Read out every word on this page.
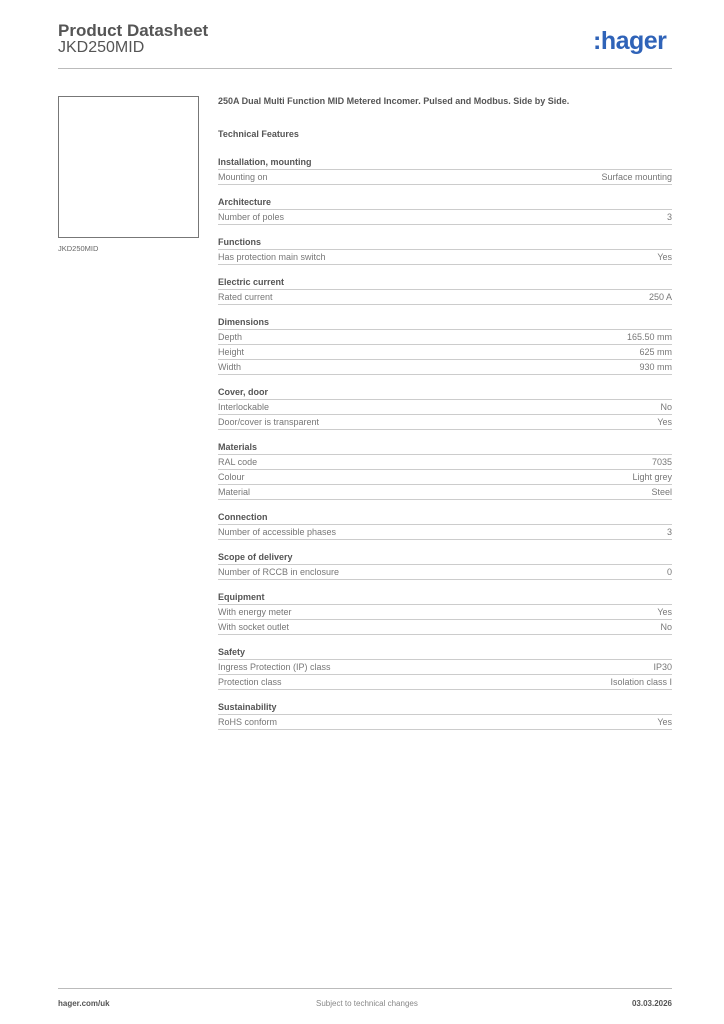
Product Datasheet
JKD250MID	:hager
JKD250MID
250A Dual Multi Function MID Metered Incomer. Pulsed and Modbus. Side by Side.
Technical Features
Installation, mounting
Mounting on	Surface mounting
Architecture
Number of poles	3
Functions
Has protection main switch	Yes
Electric current
Rated current	250 A
Dimensions
Depth	165.50 mm
Height	625 mm
Width	930 mm
Cover, door
Interlockable	No
Door/cover is transparent	Yes
Materials
RAL code	7035
Colour	Light grey
Material	Steel
Connection
Number of accessible phases	3
Scope of delivery
Number of RCCB in enclosure	0
Equipment
With energy meter	Yes
With socket outlet	No
Safety
Ingress Protection (IP) class	IP30
Protection class	Isolation class I
Sustainability
RoHS conform	Yes
hager.com/uk	Subject to technical changes	03.03.2026
